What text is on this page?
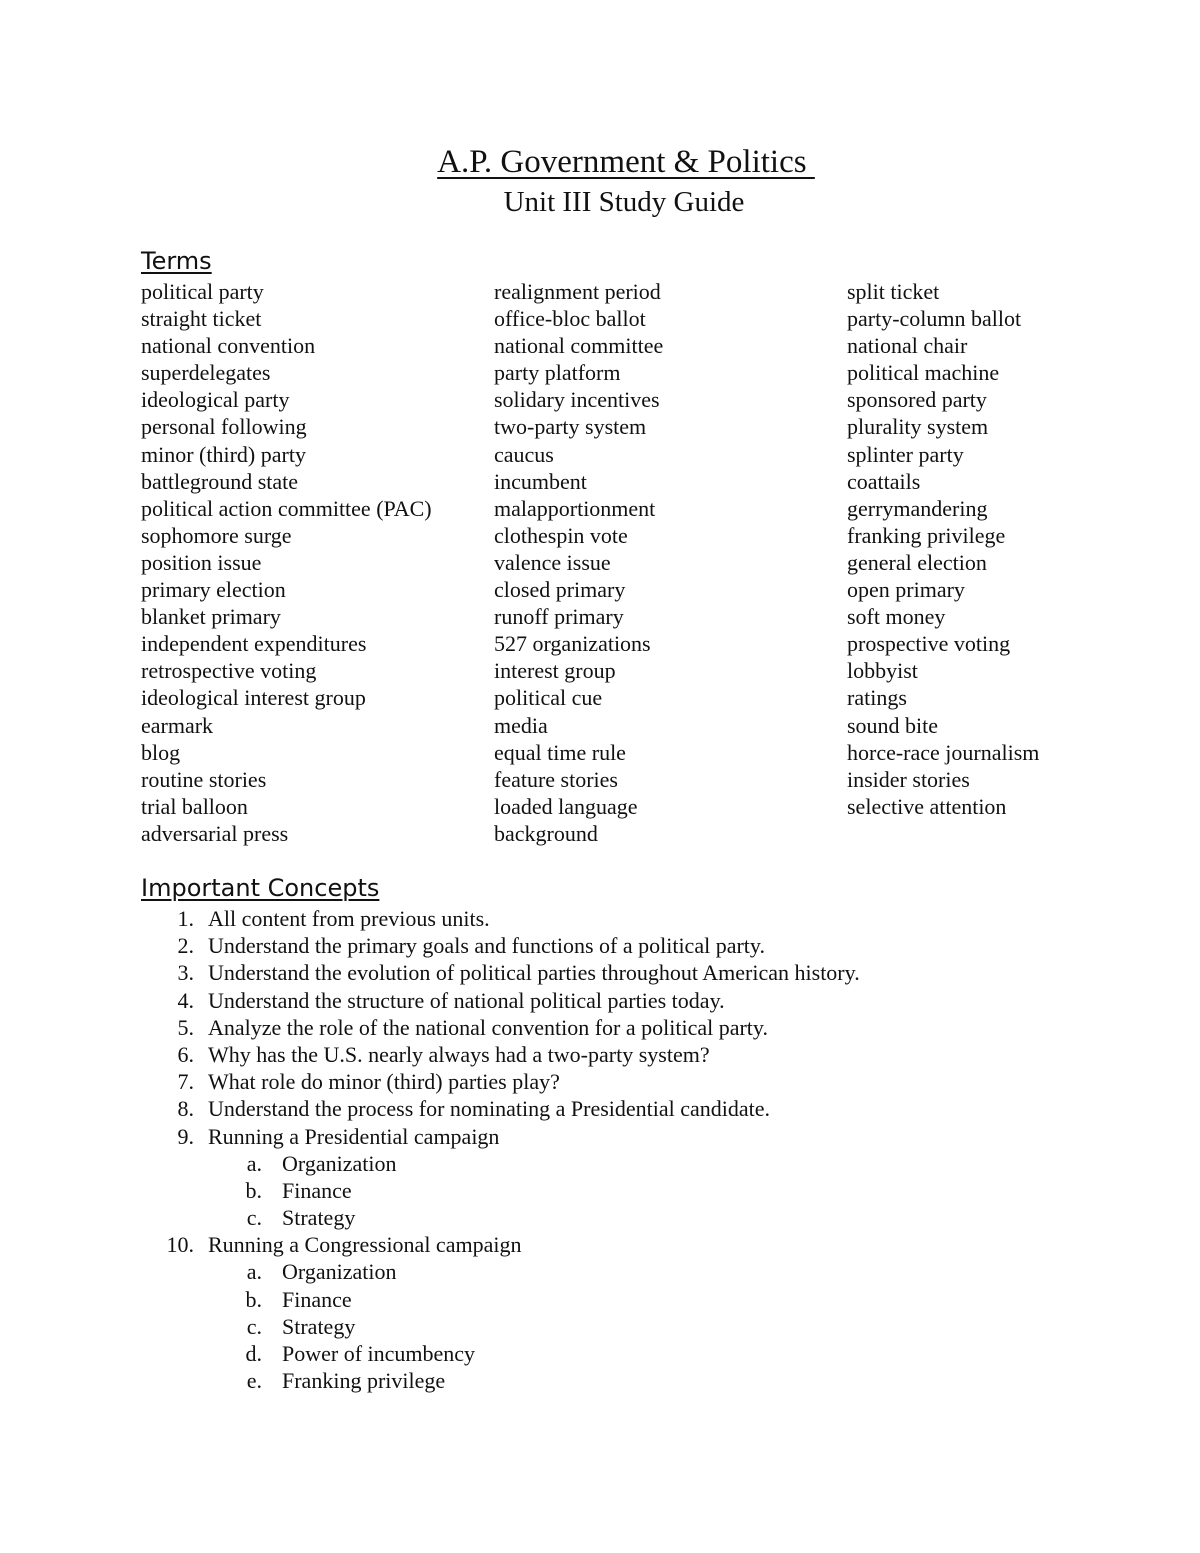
A.P. Government & Politics
Unit III Study Guide
Terms
political party	realignment period	split ticket
straight ticket	office-bloc ballot	party-column ballot
national convention	national committee	national chair
superdelegates	party platform	political machine
ideological party	solidary incentives	sponsored party
personal following	two-party system	plurality system
minor (third) party	caucus	splinter party
battleground state	incumbent	coattails
political action committee (PAC)	malapportionment	gerrymandering
sophomore surge	clothespin vote	franking privilege
position issue	valence issue	general election
primary election	closed primary	open primary
blanket primary	runoff primary	soft money
independent expenditures	527 organizations	prospective voting
retrospective voting	interest group	lobbyist
ideological interest group	political cue	ratings
earmark	media	sound bite
blog	equal time rule	horce-race journalism
routine stories	feature stories	insider stories
trial balloon	loaded language	selective attention
adversarial press	background
Important Concepts
1. All content from previous units.
2. Understand the primary goals and functions of a political party.
3. Understand the evolution of political parties throughout American history.
4. Understand the structure of national political parties today.
5. Analyze the role of the national convention for a political party.
6. Why has the U.S. nearly always had a two-party system?
7. What role do minor (third) parties play?
8. Understand the process for nominating a Presidential candidate.
9. Running a Presidential campaign
a. Organization
b. Finance
c. Strategy
10. Running a Congressional campaign
a. Organization
b. Finance
c. Strategy
d. Power of incumbency
e. Franking privilege
